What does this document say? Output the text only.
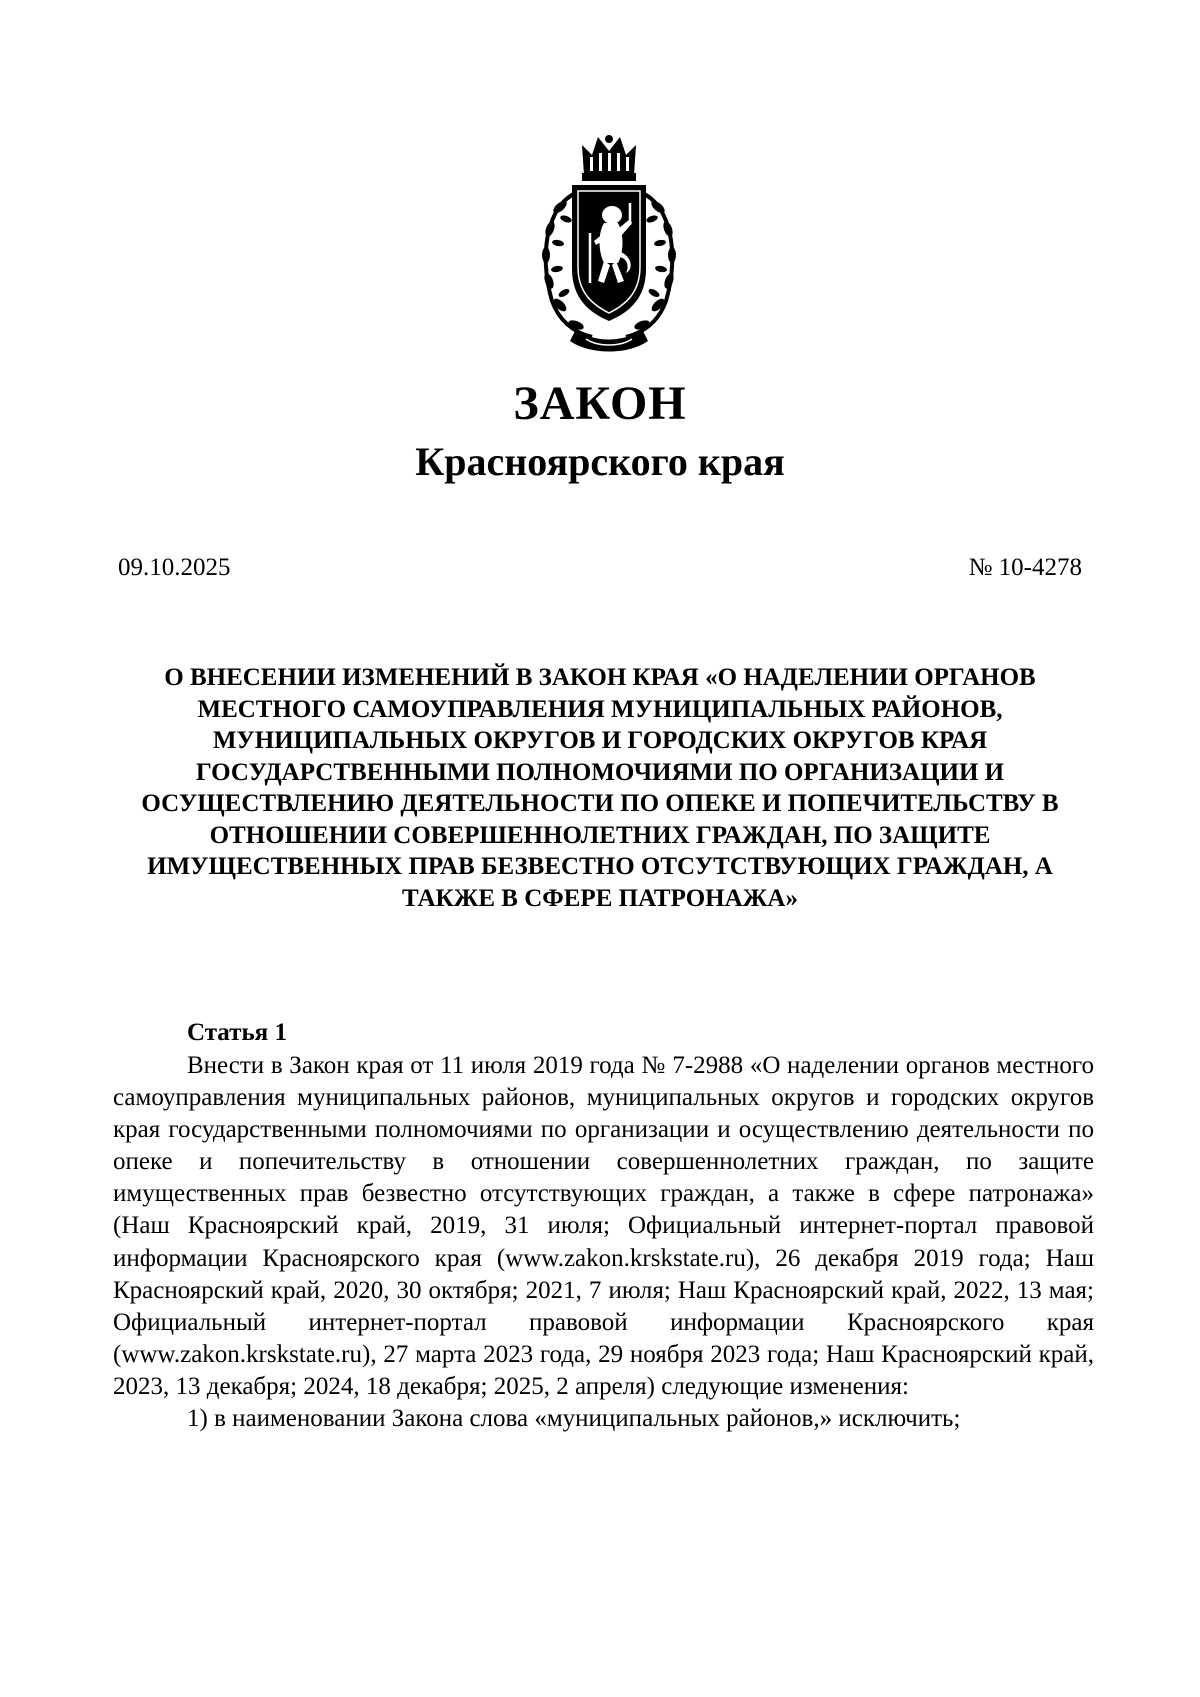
ЗАКОН
Красноярского края
09.10.2025	№ 10-4278
О ВНЕСЕНИИ ИЗМЕНЕНИЙ В ЗАКОН КРАЯ «О НАДЕЛЕНИИ ОРГАНОВ МЕСТНОГО САМОУПРАВЛЕНИЯ МУНИЦИПАЛЬНЫХ РАЙОНОВ, МУНИЦИПАЛЬНЫХ ОКРУГОВ И ГОРОДСКИХ ОКРУГОВ КРАЯ ГОСУДАРСТВЕННЫМИ ПОЛНОМОЧИЯМИ ПО ОРГАНИЗАЦИИ И ОСУЩЕСТВЛЕНИЮ ДЕЯТЕЛЬНОСТИ ПО ОПЕКЕ И ПОПЕЧИТЕЛЬСТВУ В ОТНОШЕНИИ СОВЕРШЕННОЛЕТНИХ ГРАЖДАН, ПО ЗАЩИТЕ ИМУЩЕСТВЕННЫХ ПРАВ БЕЗВЕСТНО ОТСУТСТВУЮЩИХ ГРАЖДАН, А ТАКЖЕ В СФЕРЕ ПАТРОНАЖА»
Статья 1

Внести в Закон края от 11 июля 2019 года № 7-2988 «О наделении органов местного самоуправления муниципальных районов, муниципальных округов и городских округов края государственными полномочиями по организации и осуществлению деятельности по опеке и попечительству в отношении совершеннолетних граждан, по защите имущественных прав безвестно отсутствующих граждан, а также в сфере патронажа» (Наш Красноярский край, 2019, 31 июля; Официальный интернет-портал правовой информации Красноярского края (www.zakon.krskstate.ru), 26 декабря 2019 года; Наш Красноярский край, 2020, 30 октября; 2021, 7 июля; Наш Красноярский край, 2022, 13 мая; Официальный интернет-портал правовой информации Красноярского края (www.zakon.krskstate.ru), 27 марта 2023 года, 29 ноября 2023 года; Наш Красноярский край, 2023, 13 декабря; 2024, 18 декабря; 2025, 2 апреля) следующие изменения:

1) в наименовании Закона слова «муниципальных районов,» исключить;
